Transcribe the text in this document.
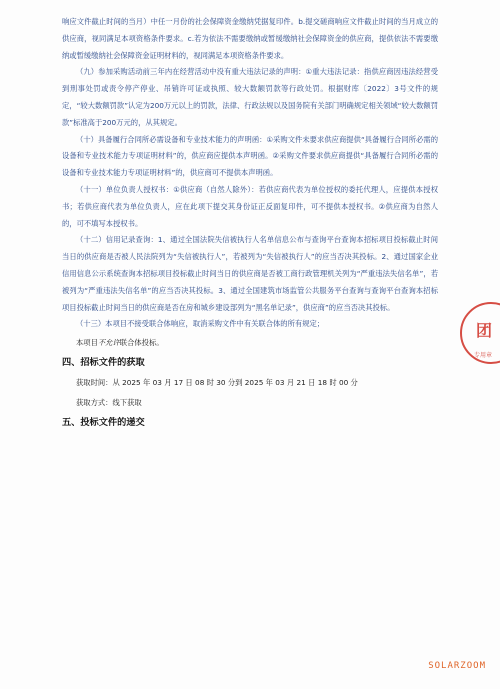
响应文件截止时间的当月）中任一月份的社会保障资金缴纳凭据复印件。b.提交磋商响应文件截止时间的当月成立的供应商，视同满足本项资格条件要求。c.若为依法不需要缴纳或暂缓缴纳社会保障资金的供应商，提供依法不需要缴纳或暂缓缴纳社会保障资金证明材料的，视同满足本项资格条件要求。

（九）参加采购活动前三年内在经营活动中没有重大违法记录的声明：①重大违法记录：指供应商因违法经营受到刑事处罚或责令停产停业、吊销许可证或执照、较大数额罚款等行政处罚。根据财库〔2022〕3号文件的规定，“较大数额罚款”认定为200万元以上的罚款，法律、行政法规以及国务院有关部门明确规定相关领域“较大数额罚款”标准高于200万元的，从其规定。

（十）具备履行合同所必需设备和专业技术能力的声明函：①采购文件未要求供应商提供“具备履行合同所必需的设备和专业技术能力专项证明材料”的，供应商应提供本声明函。②采购文件要求供应商提供“具备履行合同所必需的设备和专业技术能力专项证明材料”的，供应商可不提供本声明函。

（十一）单位负责人授权书：①供应商（自然人除外）：若供应商代表为单位授权的委托代理人，应提供本授权书；若供应商代表为单位负责人，应在此项下提交其身份证正反面复印件，可不提供本授权书。②供应商为自然人的，可不填写本授权书。

（十二）信用记录查询：1、通过全国法院失信被执行人名单信息公布与查询平台查询本招标项目投标截止时间当日的供应商是否被人民法院列为“失信被执行人”，若被列为“失信被执行人”的应当否决其投标。2、通过国家企业信用信息公示系统查询本招标项目投标截止时间当日的供应商是否被工商行政管理机关列为“严重违法失信名单”，若被列为“严重违法失信名单”的应当否决其投标。3、通过全国建筑市场监管公共服务平台查询与查询平台查询本招标项目投标截止时间当日的供应商是否在房和城乡建设部列为“黑名单记录”，供应商”的应当否决其投标。

（十三）本项目不接受联合体响应，取消采购文件中有关联合体的所有规定；

本项目不允许联合体投标。

四、招标文件的获取

获取时间：从 2025 年 03 月 17 日 08 时 30 分到 2025 年 03 月 21 日 18 时 00 分

获取方式：线下获取

五、投标文件的递交

团
专用章
SOLARZOOM
